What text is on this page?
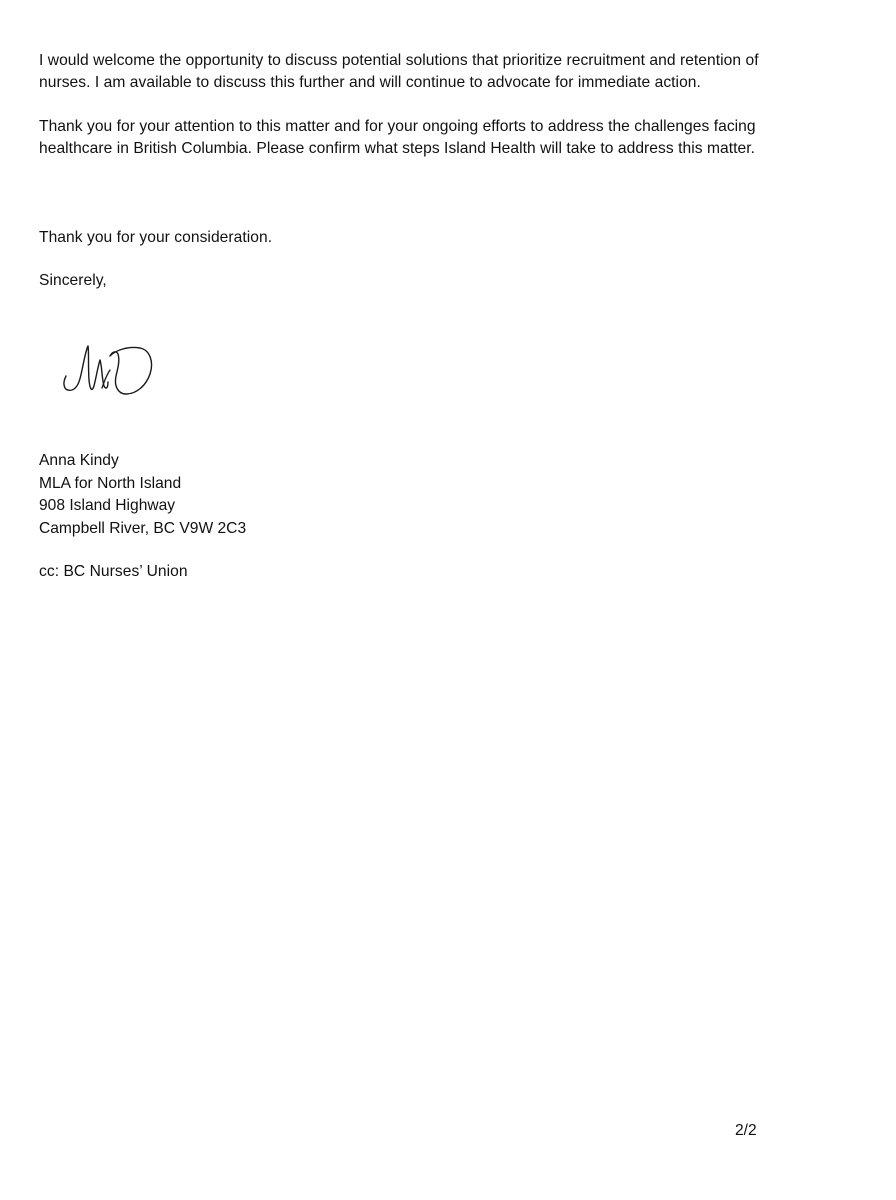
I would welcome the opportunity to discuss potential solutions that prioritize recruitment and retention of
nurses. I am available to discuss this further and will continue to advocate for immediate action.

Thank you for your attention to this matter and for your ongoing efforts to address the challenges facing
healthcare in British Columbia. Please confirm what steps Island Health will take to address this matter.

Thank you for your consideration.

Sincerely,

Anna Kindy
MLA for North Island
908 Island Highway
Campbell River, BC V9W 2C3

cc: BC Nurses’ Union

2/2
